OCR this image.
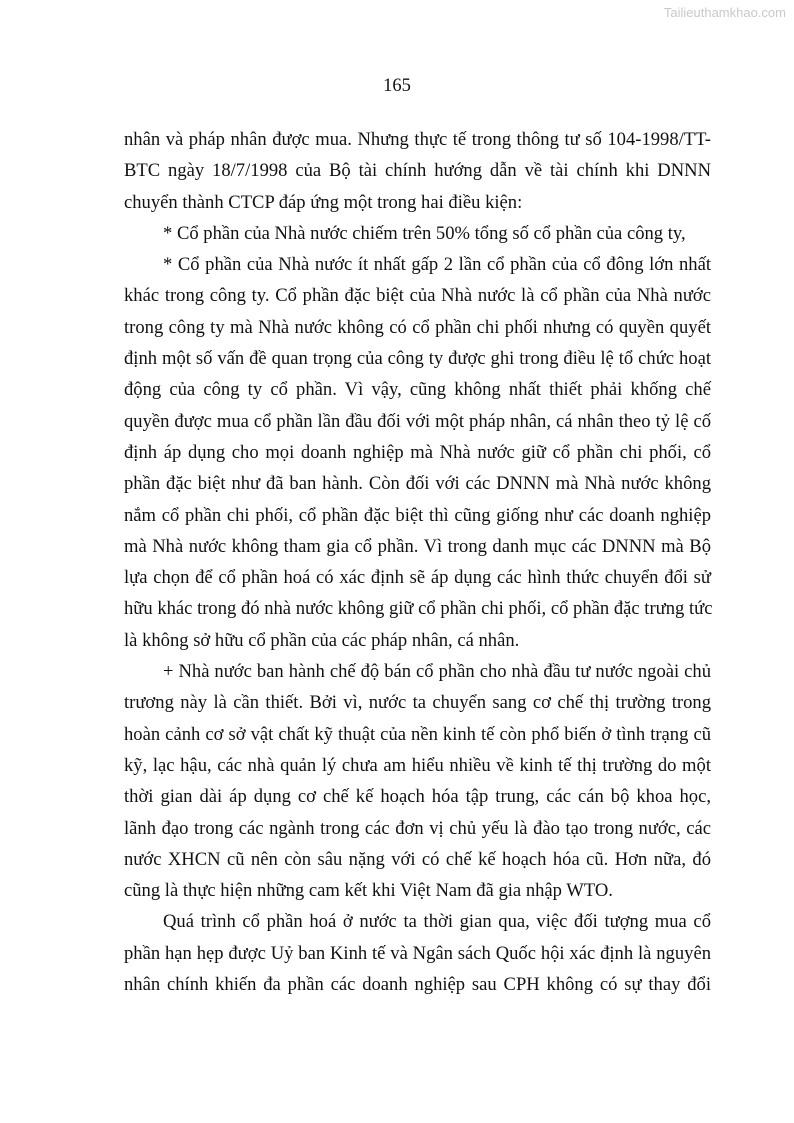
Tailieuthamkhao.com
165
nhân và pháp nhân được mua. Nhưng thực tế trong thông tư số 104-1998/TT-
BTC ngày 18/7/1998 của Bộ tài chính hướng dẫn về tài chính khi DNNN
chuyển thành CTCP đáp ứng một trong hai điều kiện:
* Cổ phần của Nhà nước chiếm trên 50% tổng số cổ phần của công ty,
* Cổ phần của Nhà nước ít nhất gấp 2 lần cổ phần của cổ đông lớn nhất
khác trong công ty. Cổ phần đặc biệt của Nhà nước là cổ phần của Nhà nước
trong công ty mà Nhà nước không có cổ phần chi phối nhưng có quyền quyết
định một số vấn đề quan trọng của công ty được ghi trong điều lệ tổ chức hoạt
động của công ty cổ phần. Vì vậy, cũng không nhất thiết phải khống chế
quyền được mua cổ phần lần đầu đối với một pháp nhân, cá nhân theo tỷ lệ cố
định áp dụng cho mọi doanh nghiệp mà Nhà nước giữ cổ phần chi phối, cổ
phần đặc biệt như đã ban hành. Còn đối với các DNNN mà Nhà nước không
nắm cổ phần chi phối, cổ phần đặc biệt thì cũng giống như các doanh nghiệp
mà Nhà nước không tham gia cổ phần. Vì trong danh mục các DNNN mà Bộ
lựa chọn để cổ phần hoá có xác định sẽ áp dụng các hình thức chuyển đổi sử
hữu khác trong đó nhà nước không giữ cổ phần chi phối, cổ phần đặc trưng tức
là không sở hữu cổ phần của các pháp nhân, cá nhân.
+ Nhà nước ban hành chế độ bán cổ phần cho nhà đầu tư nước ngoài chủ
trương này là cần thiết. Bởi vì, nước ta chuyển sang cơ chế thị trường trong
hoàn cảnh cơ sở vật chất kỹ thuật của nền kinh tế còn phổ biến ở tình trạng cũ
kỹ, lạc hậu, các nhà quản lý chưa am hiểu nhiều về kinh tế thị trường do một
thời gian dài áp dụng cơ chế kế hoạch hóa tập trung, các cán bộ khoa học,
lãnh đạo trong các ngành trong các đơn vị chủ yếu là đào tạo trong nước, các
nước XHCN cũ nên còn sâu nặng với có chế kế hoạch hóa cũ. Hơn nữa, đó
cũng là thực hiện những cam kết khi Việt Nam đã gia nhập WTO.
Quá trình cổ phần hoá ở nước ta thời gian qua, việc đối tượng mua cổ
phần hạn hẹp được Uỷ ban Kinh tế và Ngân sách Quốc hội xác định là nguyên
nhân chính khiến đa phần các doanh nghiệp sau CPH không có sự thay đổi
